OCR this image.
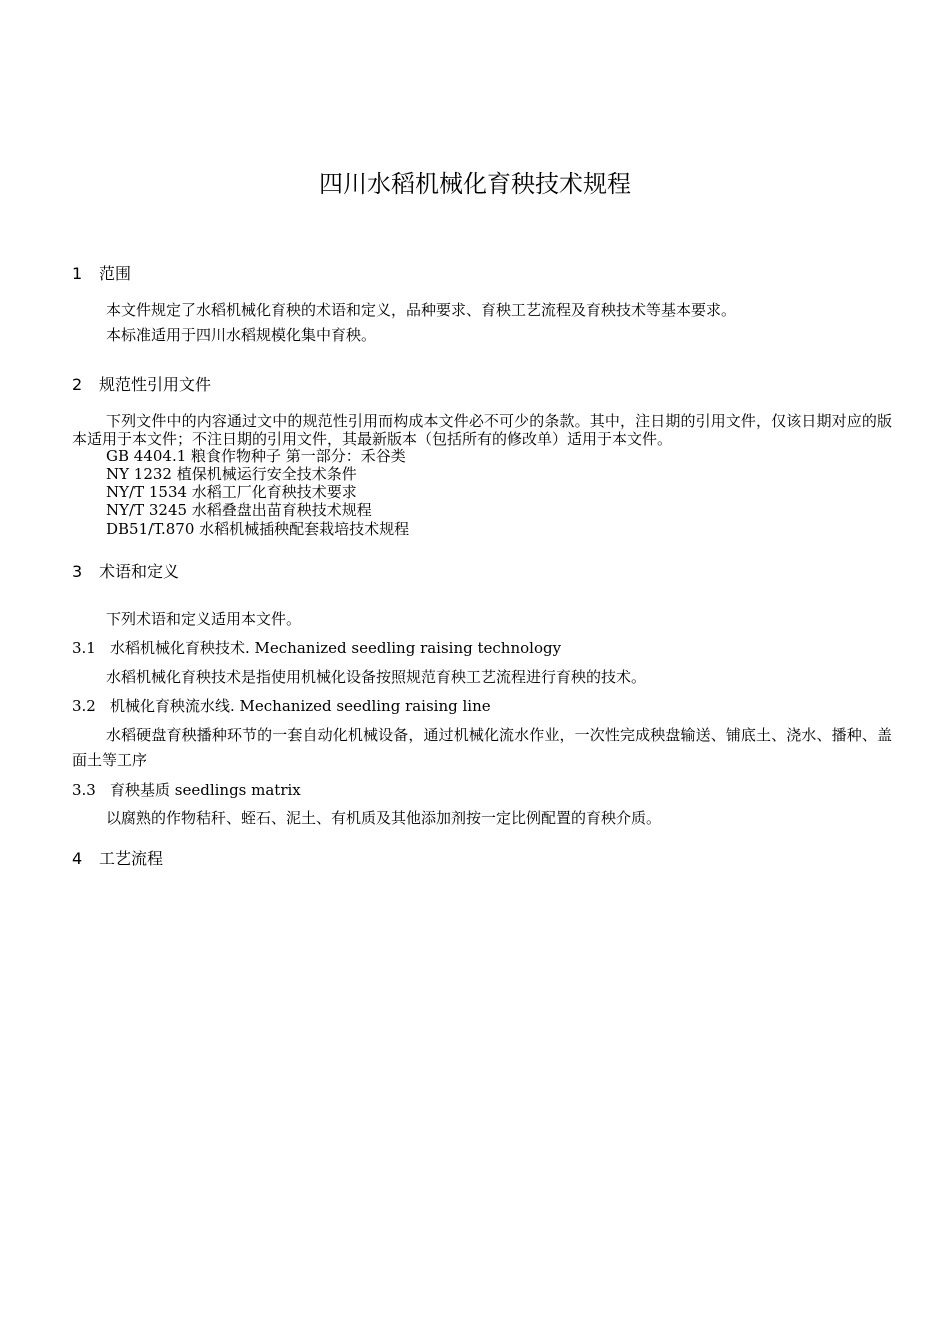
四川水稻机械化育秧技术规程
1 范围

本文件规定了水稻机械化育秧的术语和定义，品种要求、育秧工艺流程及育秧技术等基本要求。

本标准适用于四川水稻规模化集中育秧。

2 规范性引用文件

下列文件中的内容通过文中的规范性引用而构成本文件必不可少的条款。其中，注日期的引用文件，仅该日期对应的版本适用于本文件；不注日期的引用文件，其最新版本（包括所有的修改单）适用于本文件。

GB 4404.1 粮食作物种子 第一部分：禾谷类

NY 1232 植保机械运行安全技术条件

NY/T 1534 水稻工厂化育秧技术要求

NY/T 3245 水稻叠盘出苗育秧技术规程

DB51/T.870 水稻机械插秧配套栽培技术规程

3 术语和定义

下列术语和定义适用本文件。

3.1 水稻机械化育秧技术. Mechanized seedling raising technology

水稻机械化育秧技术是指使用机械化设备按照规范育秧工艺流程进行育秧的技术。

3.2 机械化育秧流水线. Mechanized seedling raising line

水稻硬盘育秧播种环节的一套自动化机械设备，通过机械化流水作业，一次性完成秧盘输送、铺底土、浇水、播种、盖面土等工序

3.3 育秧基质 seedlings matrix

以腐熟的作物秸秆、蛭石、泥土、有机质及其他添加剂按一定比例配置的育秧介质。

4 工艺流程
